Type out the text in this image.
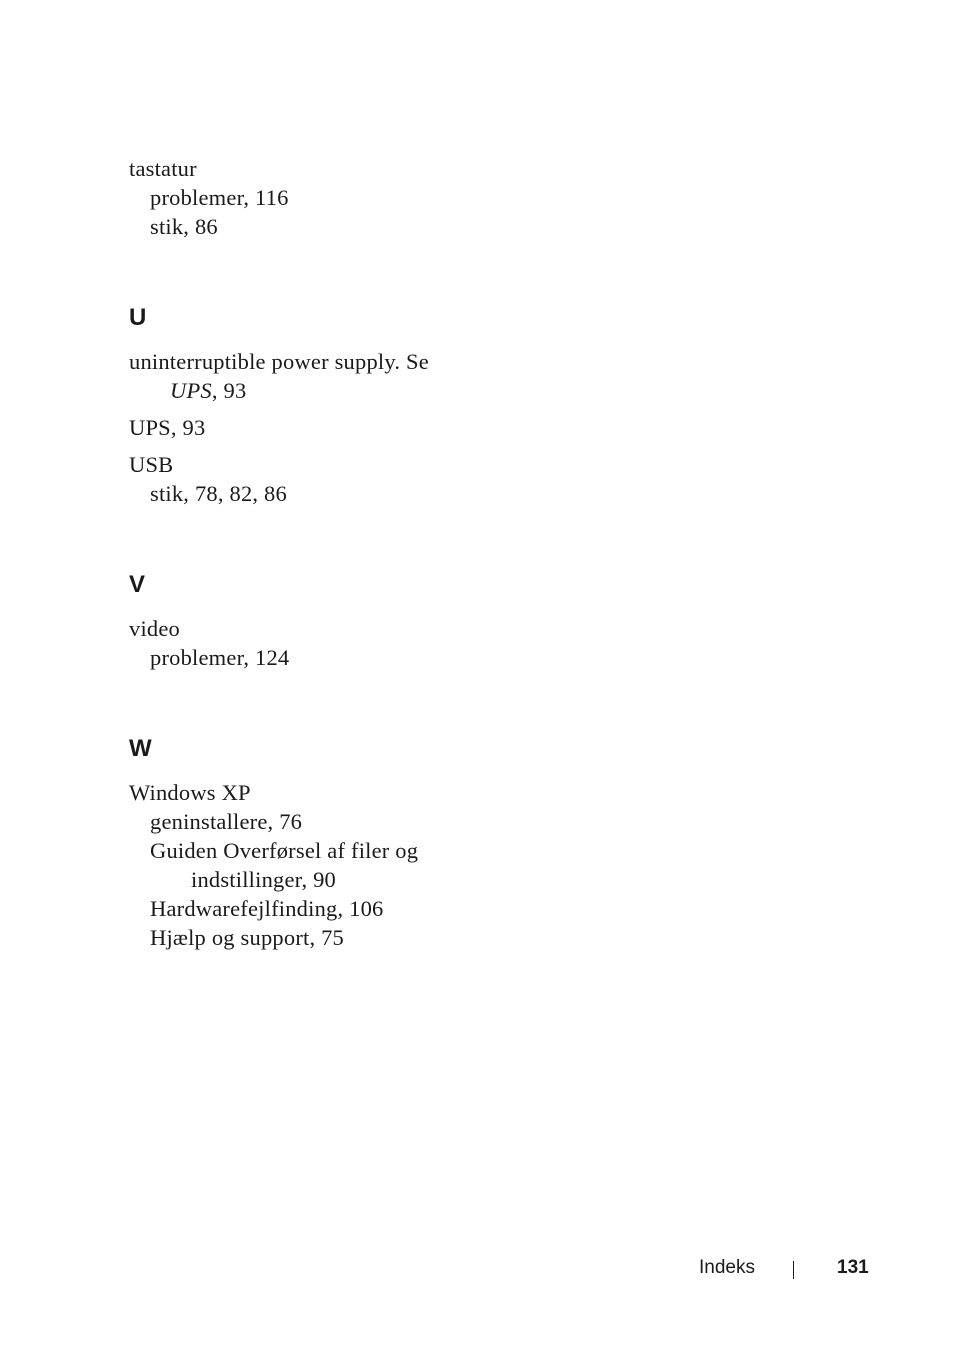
tastatur
problemer, 116
stik, 86
U
uninterruptible power supply. Se
UPS, 93
UPS, 93
USB
stik, 78, 82, 86
V
video
problemer, 124
W
Windows XP
geninstallere, 76
Guiden Overførsel af filer og
indstillinger, 90
Hardwarefejlfinding, 106
Hjælp og support, 75
Indeks	131
